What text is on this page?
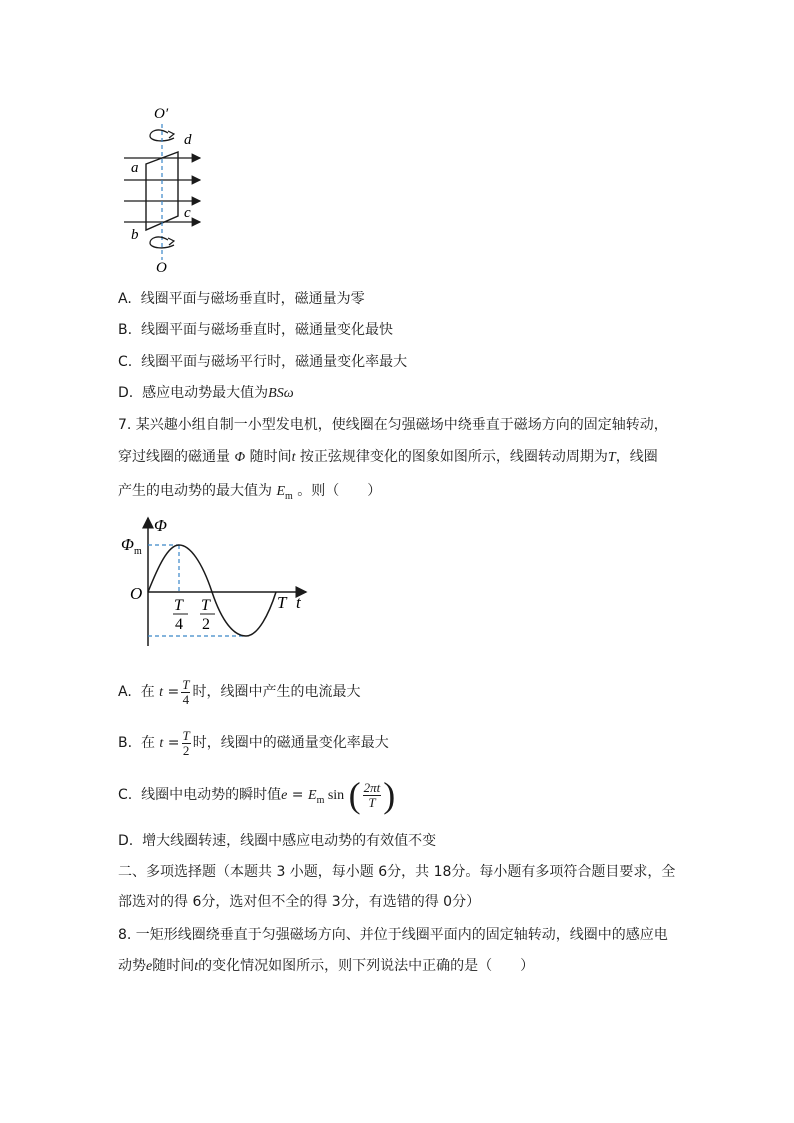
O′
d
a
c
b
O
A. 线圈平面与磁场垂直时，磁通量为零
B. 线圈平面与磁场垂直时，磁通量变化最快
C. 线圈平面与磁场平行时，磁通量变化率最大
D. 感应电动势最大值为BSω
7. 某兴趣小组自制一小型发电机，使线圈在匀强磁场中绕垂直于磁场方向的固定轴转动，
穿过线圈的磁通量 Φ 随时间t 按正弦规律变化的图象如图所示，线圈转动周期为T，线圈
产生的电动势的最大值为 $E_m$ 。则（　　）
Φ
$\Phi_m$
O
T
4
T
2
T t
A. 在 $t = \frac{T}{4}$ 时，线圈中产生的电流最大
B. 在 $t = \frac{T}{2}$ 时，线圈中的磁通量变化率最大
C. 线圈中电动势的瞬时值$e = E_m$ sin ( $\frac{2\pi t}{T}$ )
D. 增大线圈转速，线圈中感应电动势的有效值不变
二、多项选择题（本题共 3 小题，每小题 6分，共 18分。每小题有多项符合题目要求，全
部选对的得 6分，选对但不全的得 3分，有选错的得 0分）
8. 一矩形线圈绕垂直于匀强磁场方向、并位于线圈平面内的固定轴转动，线圈中的感应电
动势e随时间t的变化情况如图所示，则下列说法中正确的是（　　）
